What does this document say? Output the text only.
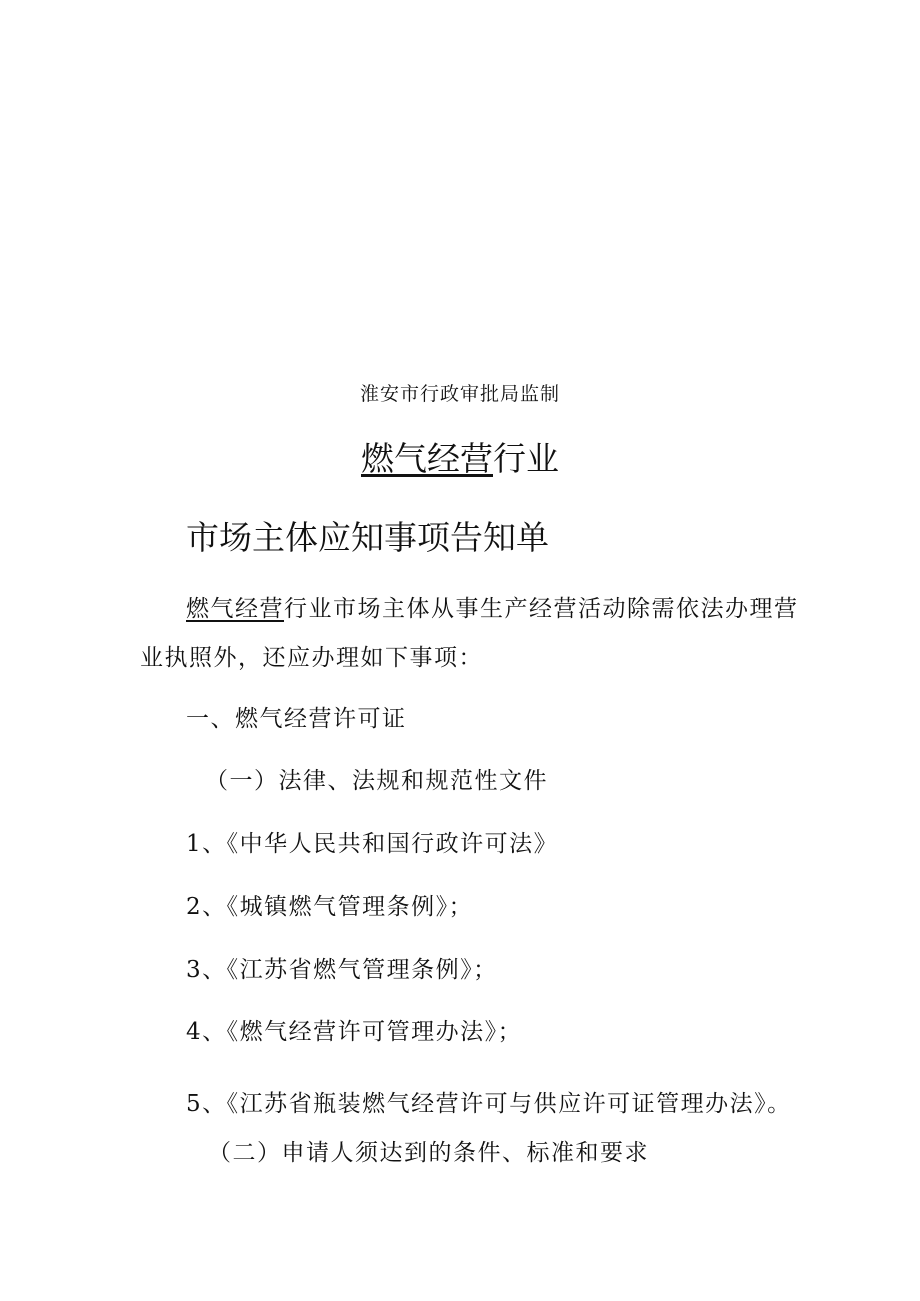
淮安市行政审批局监制
燃气经营行业
市场主体应知事项告知单
燃气经营行业市场主体从事生产经营活动除需依法办理营
业执照外，还应办理如下事项：
一、燃气经营许可证
（一）法律、法规和规范性文件
1、《中华人民共和国行政许可法》
2、《城镇燃气管理条例》；
3、《江苏省燃气管理条例》；
4、《燃气经营许可管理办法》；
5、《江苏省瓶装燃气经营许可与供应许可证管理办法》。
（二）申请人须达到的条件、标准和要求
